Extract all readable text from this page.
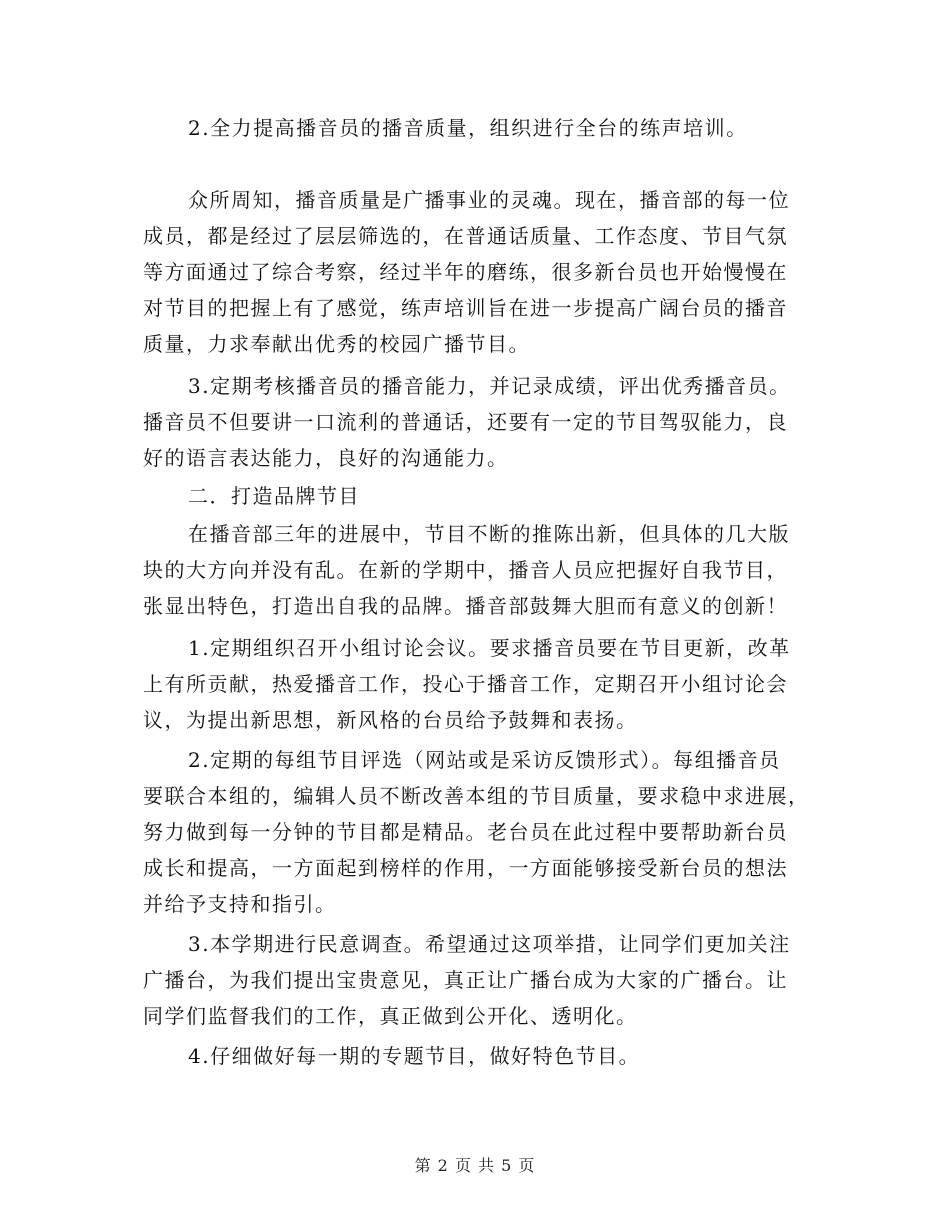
2.全力提高播音员的播音质量，组织进行全台的练声培训。
众所周知，播音质量是广播事业的灵魂。现在，播音部的每一位
成员，都是经过了层层筛选的，在普通话质量、工作态度、节目气氛
等方面通过了综合考察，经过半年的磨练，很多新台员也开始慢慢在
对节目的把握上有了感觉，练声培训旨在进一步提高广阔台员的播音
质量，力求奉献出优秀的校园广播节目。
3.定期考核播音员的播音能力，并记录成绩，评出优秀播音员。
播音员不但要讲一口流利的普通话，还要有一定的节目驾驭能力，良
好的语言表达能力，良好的沟通能力。
二．打造品牌节目
在播音部三年的进展中，节目不断的推陈出新，但具体的几大版
块的大方向并没有乱。在新的学期中，播音人员应把握好自我节目，
张显出特色，打造出自我的品牌。播音部鼓舞大胆而有意义的创新！
1.定期组织召开小组讨论会议。要求播音员要在节目更新，改革
上有所贡献，热爱播音工作，投心于播音工作，定期召开小组讨论会
议，为提出新思想，新风格的台员给予鼓舞和表扬。
2.定期的每组节目评选（网站或是采访反馈形式）。每组播音员
要联合本组的，编辑人员不断改善本组的节目质量，要求稳中求进展，
努力做到每一分钟的节目都是精品。老台员在此过程中要帮助新台员
成长和提高，一方面起到榜样的作用，一方面能够接受新台员的想法
并给予支持和指引。
3.本学期进行民意调查。希望通过这项举措，让同学们更加关注
广播台，为我们提出宝贵意见，真正让广播台成为大家的广播台。让
同学们监督我们的工作，真正做到公开化、透明化。
4.仔细做好每一期的专题节目，做好特色节目。
第 2 页 共 5 页
